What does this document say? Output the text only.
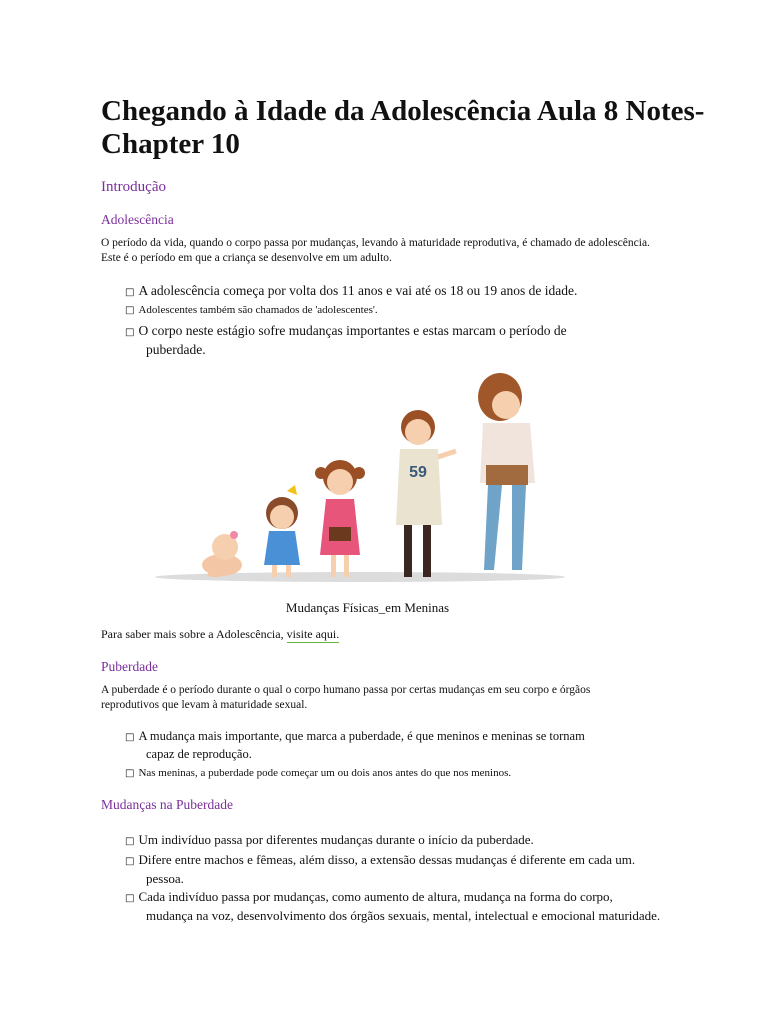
Chegando à Idade da Adolescência Aula 8 Notes- Chapter 10
Introdução
Adolescência

O período da vida, quando o corpo passa por mudanças, levando à maturidade reprodutiva, é chamado de adolescência. Este é o período em que a criança se desenvolve em um adulto.

□ A adolescência começa por volta dos 11 anos e vai até os 18 ou 19 anos de idade.

□ Adolescentes também são chamados de 'adolescentes'.

□ O corpo neste estágio sofre mudanças importantes e estas marcam o período de
puberdade.

59
Mudanças Físicas_em Meninas

Para saber mais sobre a Adolescência, visite aqui.

Puberdade

A puberdade é o período durante o qual o corpo humano passa por certas mudanças em seu corpo e órgãos reprodutivos que levam à maturidade sexual.

□ A mudança mais importante, que marca a puberdade, é que meninos e meninas se tornam
capaz de reprodução.

□ Nas meninas, a puberdade pode começar um ou dois anos antes do que nos meninos.

Mudanças na Puberdade

□ Um indivíduo passa por diferentes mudanças durante o início da puberdade.

□ Difere entre machos e fêmeas, além disso, a extensão dessas mudanças é diferente em cada um.
pessoa.

□ Cada indivíduo passa por mudanças, como aumento de altura, mudança na forma do corpo,
mudança na voz, desenvolvimento dos órgãos sexuais, mental, intelectual e emocional maturidade.
